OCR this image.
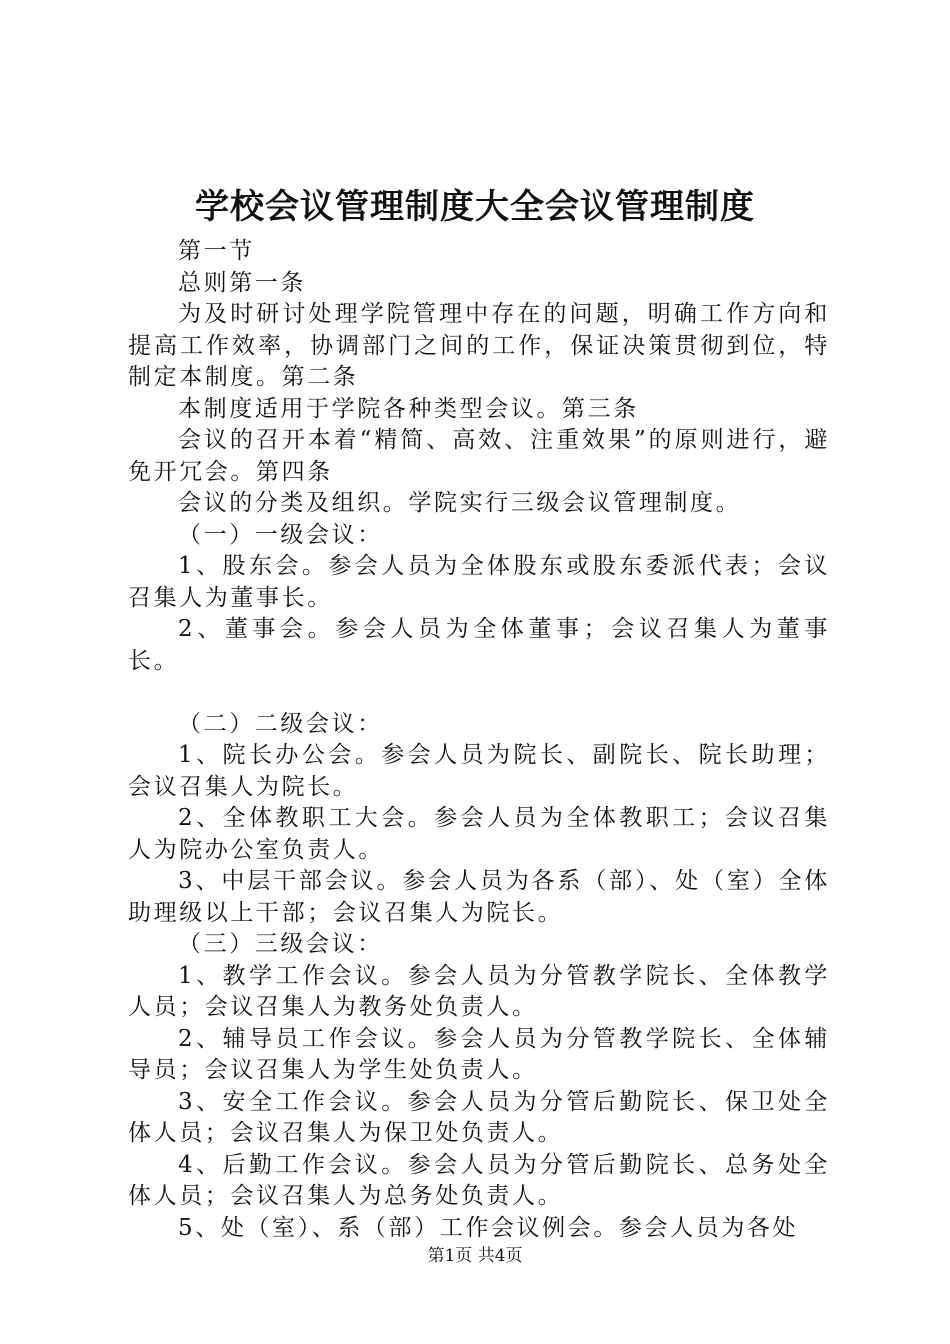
学校会议管理制度大全会议管理制度

第一节

总则第一条

为及时研讨处理学院管理中存在的问题，明确工作方向和提高工作效率，协调部门之间的工作，保证决策贯彻到位，特制定本制度。第二条

本制度适用于学院各种类型会议。第三条

会议的召开本着“精简、高效、注重效果”的原则进行，避免开冗会。第四条

会议的分类及组织。学院实行三级会议管理制度。

（一）一级会议：

1、股东会。参会人员为全体股东或股东委派代表；会议召集人为董事长。

2、董事会。参会人员为全体董事；会议召集人为董事长。

（二）二级会议：

1、院长办公会。参会人员为院长、副院长、院长助理；会议召集人为院长。

2、全体教职工大会。参会人员为全体教职工；会议召集人为院办公室负责人。

3、中层干部会议。参会人员为各系（部）、处（室）全体助理级以上干部；会议召集人为院长。

（三）三级会议：

1、教学工作会议。参会人员为分管教学院长、全体教学人员；会议召集人为教务处负责人。

2、辅导员工作会议。参会人员为分管教学院长、全体辅导员；会议召集人为学生处负责人。

3、安全工作会议。参会人员为分管后勤院长、保卫处全体人员；会议召集人为保卫处负责人。

4、后勤工作会议。参会人员为分管后勤院长、总务处全体人员；会议召集人为总务处负责人。

5、处（室）、系（部）工作会议例会。参会人员为各处

第1页 共4页
